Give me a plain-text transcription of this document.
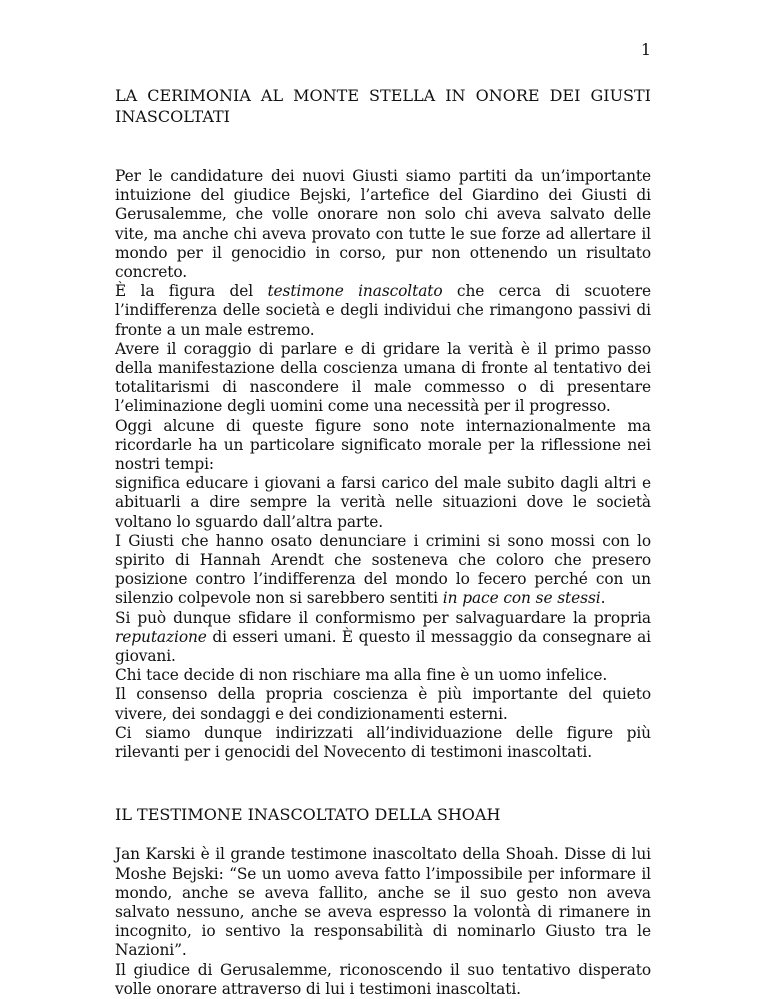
1
LA CERIMONIA AL MONTE STELLA IN ONORE DEI GIUSTI INASCOLTATI

Per le candidature dei nuovi Giusti siamo partiti da un’importante intuizione del giudice Bejski, l’artefice del Giardino dei Giusti di Gerusalemme, che volle onorare non solo chi aveva salvato delle vite, ma anche chi aveva provato con tutte le sue forze ad allertare il mondo per il genocidio in corso, pur non ottenendo un risultato concreto.

È la figura del testimone inascoltato che cerca di scuotere l’indifferenza delle società e degli individui che rimangono passivi di fronte a un male estremo.

Avere il coraggio di parlare e di gridare la verità è il primo passo della manifestazione della coscienza umana di fronte al tentativo dei totalitarismi di nascondere il male commesso o di presentare l’eliminazione degli uomini come una necessità per il progresso.

Oggi alcune di queste figure sono note internazionalmente ma ricordarle ha un particolare significato morale per la riflessione nei nostri tempi:

significa educare i giovani a farsi carico del male subito dagli altri e abituarli a dire sempre la verità nelle situazioni dove le società voltano lo sguardo dall’altra parte.

I Giusti che hanno osato denunciare i crimini si sono mossi con lo spirito di Hannah Arendt che sosteneva che coloro che presero posizione contro l’indifferenza del mondo lo fecero perché con un silenzio colpevole non si sarebbero sentiti in pace con se stessi.

Si può dunque sfidare il conformismo per salvaguardare la propria reputazione di esseri umani. È questo il messaggio da consegnare ai giovani.

Chi tace decide di non rischiare ma alla fine è un uomo infelice.

Il consenso della propria coscienza è più importante del quieto vivere, dei sondaggi e dei condizionamenti esterni.

Ci siamo dunque indirizzati all’individuazione delle figure più rilevanti per i genocidi del Novecento di testimoni inascoltati.

IL TESTIMONE INASCOLTATO DELLA SHOAH

Jan Karski è il grande testimone inascoltato della Shoah. Disse di lui Moshe Bejski: “Se un uomo aveva fatto l’impossibile per informare il mondo, anche se aveva fallito, anche se il suo gesto non aveva salvato nessuno, anche se aveva espresso la volontà di rimanere in incognito, io sentivo la responsabilità di nominarlo Giusto tra le Nazioni”.

Il giudice di Gerusalemme, riconoscendo il suo tentativo disperato volle onorare attraverso di lui i testimoni inascoltati.
